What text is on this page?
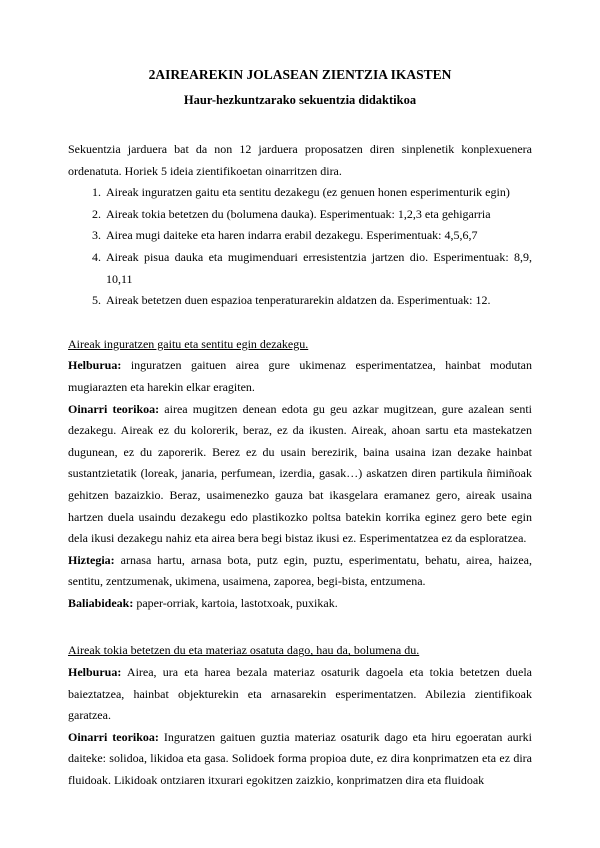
2AIREAREKIN JOLASEAN ZIENTZIA IKASTEN
Haur-hezkuntzarako sekuentzia didaktikoa

Sekuentzia jarduera bat da non 12 jarduera proposatzen diren sinplenetik konplexuenera ordenatuta. Horiek 5 ideia zientifikoetan oinarritzen dira.

1. Aireak inguratzen gaitu eta sentitu dezakegu (ez genuen honen esperimenturik egin)
2. Aireak tokia betetzen du (bolumena dauka). Esperimentuak: 1,2,3 eta gehigarria
3. Airea mugi daiteke eta haren indarra erabil dezakegu. Esperimentuak: 4,5,6,7
4. Aireak pisua dauka eta mugimenduari erresistentzia jartzen dio. Esperimentuak: 8,9, 10,11
5. Aireak betetzen duen espazioa tenperaturarekin aldatzen da. Esperimentuak: 12.

Aireak inguratzen gaitu eta sentitu egin dezakegu.

Helburua: inguratzen gaituen airea gure ukimenaz esperimentatzea, hainbat modutan mugiarazten eta harekin elkar eragiten.

Oinarri teorikoa: airea mugitzen denean edota gu geu azkar mugitzean, gure azalean senti dezakegu. Aireak ez du kolorerik, beraz, ez da ikusten. Aireak, ahoan sartu eta mastekatzen dugunean, ez du zaporerik. Berez ez du usain berezirik, baina usaina izan dezake hainbat sustantzietatik (loreak, janaria, perfumean, izerdia, gasak…) askatzen diren partikula ñimiñoak gehitzen bazaizkio. Beraz, usaimenezko gauza bat ikasgelara eramanez gero, aireak usaina hartzen duela usaindu dezakegu edo plastikozko poltsa batekin korrika eginez gero bete egin dela ikusi dezakegu nahiz eta airea bera begi bistaz ikusi ez. Esperimentatzea ez da esploratzea.

Hiztegia: arnasa hartu, arnasa bota, putz egin, puztu, esperimentatu, behatu, airea, haizea, sentitu, zentzumenak, ukimena, usaimena, zaporea, begi-bista, entzumena.

Baliabideak: paper-orriak, kartoia, lastotxoak, puxikak.

Aireak tokia betetzen du eta materiaz osatuta dago, hau da, bolumena du.

Helburua: Airea, ura eta harea bezala materiaz osaturik dagoela eta tokia betetzen duela baieztatzea, hainbat objekturekin eta arnasarekin esperimentatzen. Abilezia zientifikoak garatzea.

Oinarri teorikoa: Inguratzen gaituen guztia materiaz osaturik dago eta hiru egoeratan aurki daiteke: solidoa, likidoa eta gasa. Solidoek forma propioa dute, ez dira konprimatzen eta ez dira fluidoak. Likidoak ontziaren itxurari egokitzen zaizkio, konprimatzen dira eta fluidoak
